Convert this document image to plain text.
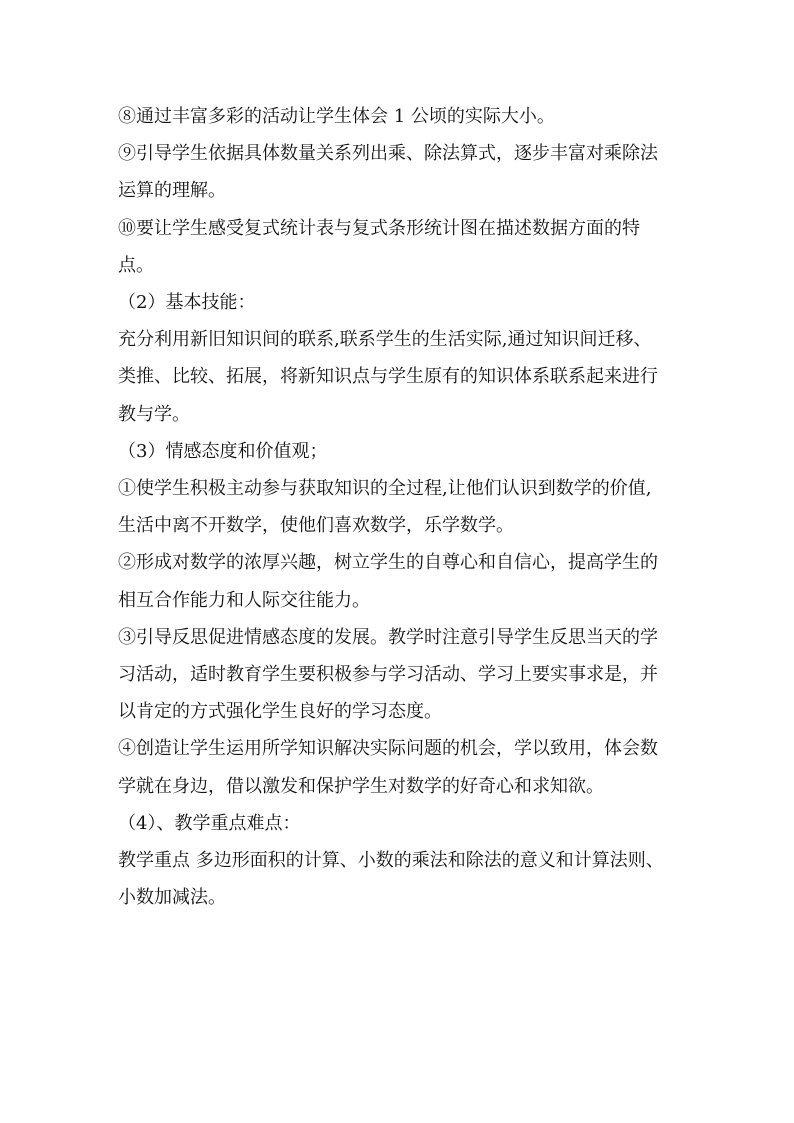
⑧通过丰富多彩的活动让学生体会 1 公顷的实际大小。
⑨引导学生依据具体数量关系列出乘、除法算式，逐步丰富对乘除法
运算的理解。
⑩要让学生感受复式统计表与复式条形统计图在描述数据方面的特
点。
（2）基本技能：
充分利用新旧知识间的联系,联系学生的生活实际,通过知识间迁移、
类推、比较、拓展，将新知识点与学生原有的知识体系联系起来进行
教与学。
（3）情感态度和价值观；
①使学生积极主动参与获取知识的全过程,让他们认识到数学的价值,
生活中离不开数学，使他们喜欢数学，乐学数学。
②形成对数学的浓厚兴趣，树立学生的自尊心和自信心，提高学生的
相互合作能力和人际交往能力。
③引导反思促进情感态度的发展。教学时注意引导学生反思当天的学
习活动，适时教育学生要积极参与学习活动、学习上要实事求是，并
以肯定的方式强化学生良好的学习态度。
④创造让学生运用所学知识解决实际问题的机会，学以致用，体会数
学就在身边，借以激发和保护学生对数学的好奇心和求知欲。
（4）、教学重点难点：
教学重点 多边形面积的计算、小数的乘法和除法的意义和计算法则、
小数加减法。
